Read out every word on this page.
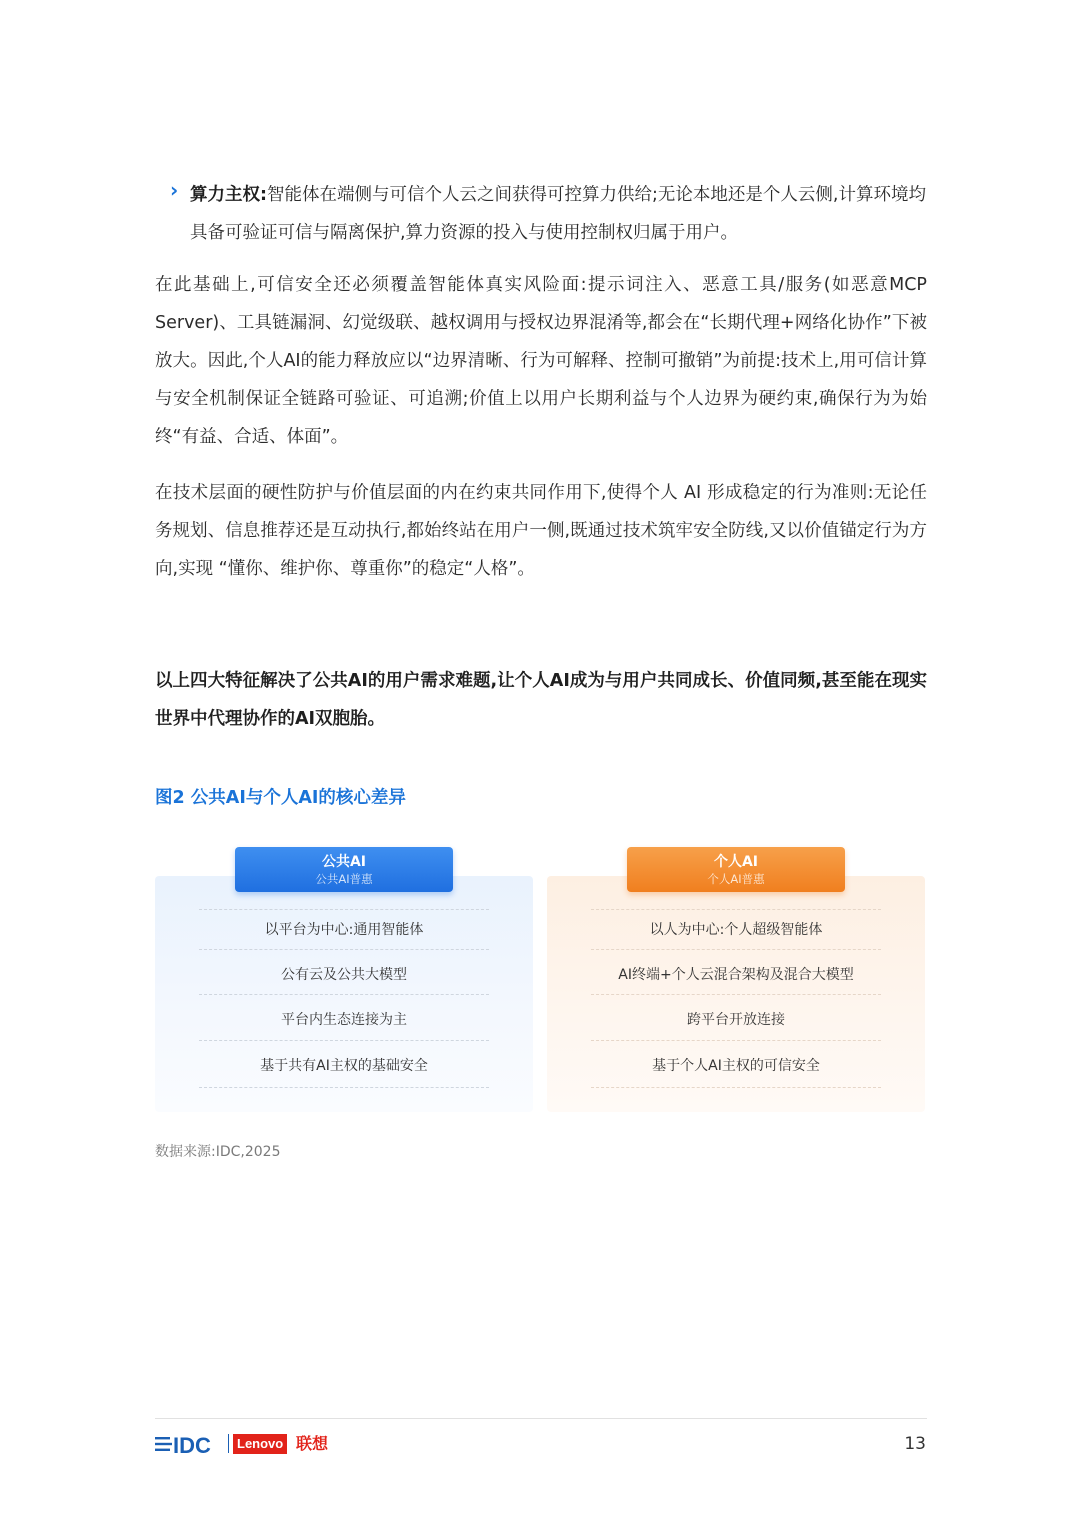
› 算力主权:智能体在端侧与可信个人云之间获得可控算力供给;无论本地还是个人云侧,计算环境均具备可验证可信与隔离保护,算力资源的投入与使用控制权归属于用户。
在此基础上,可信安全还必须覆盖智能体真实风险面:提示词注入、恶意工具/服务(如恶意MCP Server)、工具链漏洞、幻觉级联、越权调用与授权边界混淆等,都会在“长期代理+网络化协作”下被放大。因此,个人AI的能力释放应以“边界清晰、行为可解释、控制可撤销”为前提:技术上,用可信计算与安全机制保证全链路可验证、可追溯;价值上以用户长期利益与个人边界为硬约束,确保行为为始终“有益、合适、体面”。
在技术层面的硬性防护与价值层面的内在约束共同作用下,使得个人 AI 形成稳定的行为准则:无论任务规划、信息推荐还是互动执行,都始终站在用户一侧,既通过技术筑牢安全防线,又以价值锚定行为方向,实现 “懂你、维护你、尊重你”的稳定“人格”。
以上四大特征解决了公共AI的用户需求难题,让个人AI成为与用户共同成长、价值同频,甚至能在现实世界中代理协作的AI双胞胎。
图2 公共AI与个人AI的核心差异
公共AI
公共AI普惠
个人AI
个人AI普惠
以平台为中心:通用智能体
公有云及公共大模型
平台内生态连接为主
基于共有AI主权的基础安全
以人为中心:个人超级智能体
AI终端+个人云混合架构及混合大模型
跨平台开放连接
基于个人AI主权的可信安全
数据来源:IDC,2025
IDC	Lenovo 联想	13
